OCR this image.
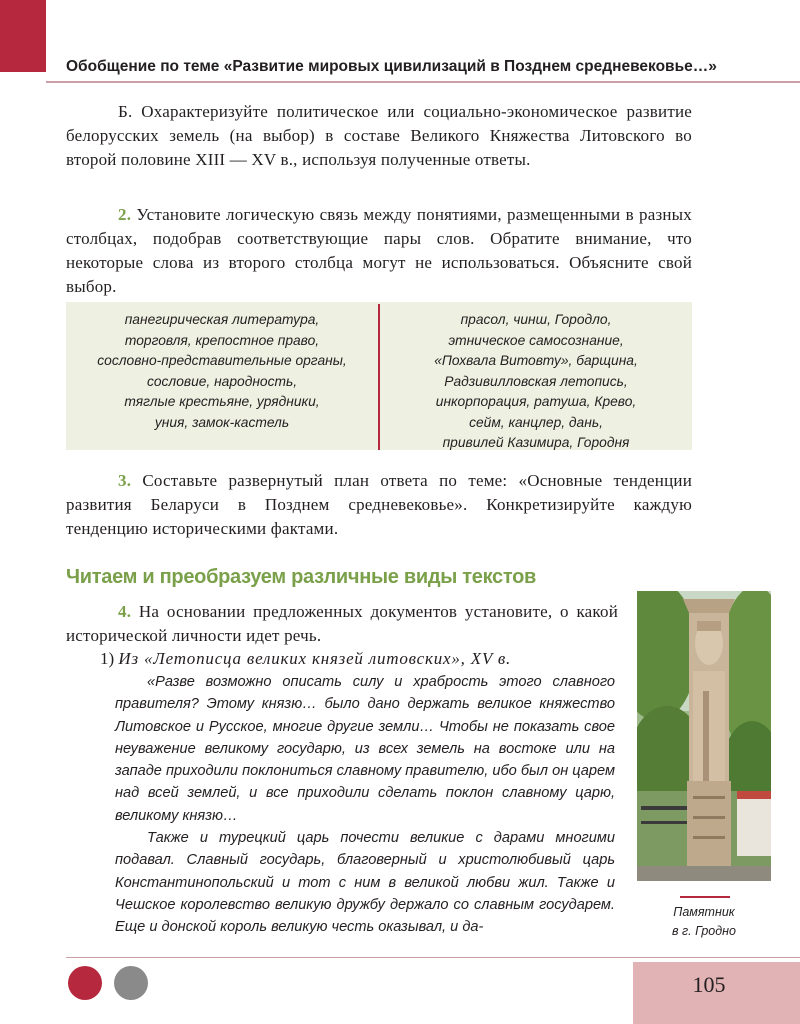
Обобщение по теме «Развитие мировых цивилизаций в Позднем средневековье…»

Б. Охарактеризуйте политическое или социально-экономическое развитие белорусских земель (на выбор) в составе Великого Княжества Литовского во второй половине XIII — XV в., используя полученные ответы.

2. Установите логическую связь между понятиями, размещенными в разных столбцах, подобрав соответствующие пары слов. Обратите внимание, что некоторые слова из второго столбца могут не использоваться. Объясните свой выбор.

панегирическая литература,
торговля, крепостное право,
сословно-представительные органы,
сословие, народность,
тяглые крестьяне, урядники,
уния, замок-кастель
прасол, чинш, Городло,
этническое самосознание,
«Похвала Витовту», барщина,
Радзивилловская летопись,
инкорпорация, ратуша, Крево,
сейм, канцлер, дань,
привилей Казимира, Городня

3. Составьте развернутый план ответа по теме: «Основные тенденции развития Беларуси в Позднем средневековье». Конкретизируйте каждую тенденцию историческими фактами.

Читаем и преобразуем различные виды текстов

4. На основании предложенных документов установите, о какой исторической личности идет речь.

1) Из «Летописца великих князей литовских», XV в.

«Разве возможно описать силу и храбрость этого славного правителя? Этому князю… было дано держать великое княжество Литовское и Русское, многие другие земли… Чтобы не показать свое неуважение великому государю, из всех земель на востоке или на западе приходили поклониться славному правителю, ибо был он царем над всей землей, и все приходили сделать поклон славному царю, великому князю…

Также и турецкий царь почести великие с дарами многими подавал. Славный государь, благоверный и христолюбивый царь Константинопольский и тот с ним в великой любви жил. Также и Чешское королевство великую дружбу держало со славным государем. Еще и донской король великую честь оказывал, и да-

Памятник
в г. Гродно
105
